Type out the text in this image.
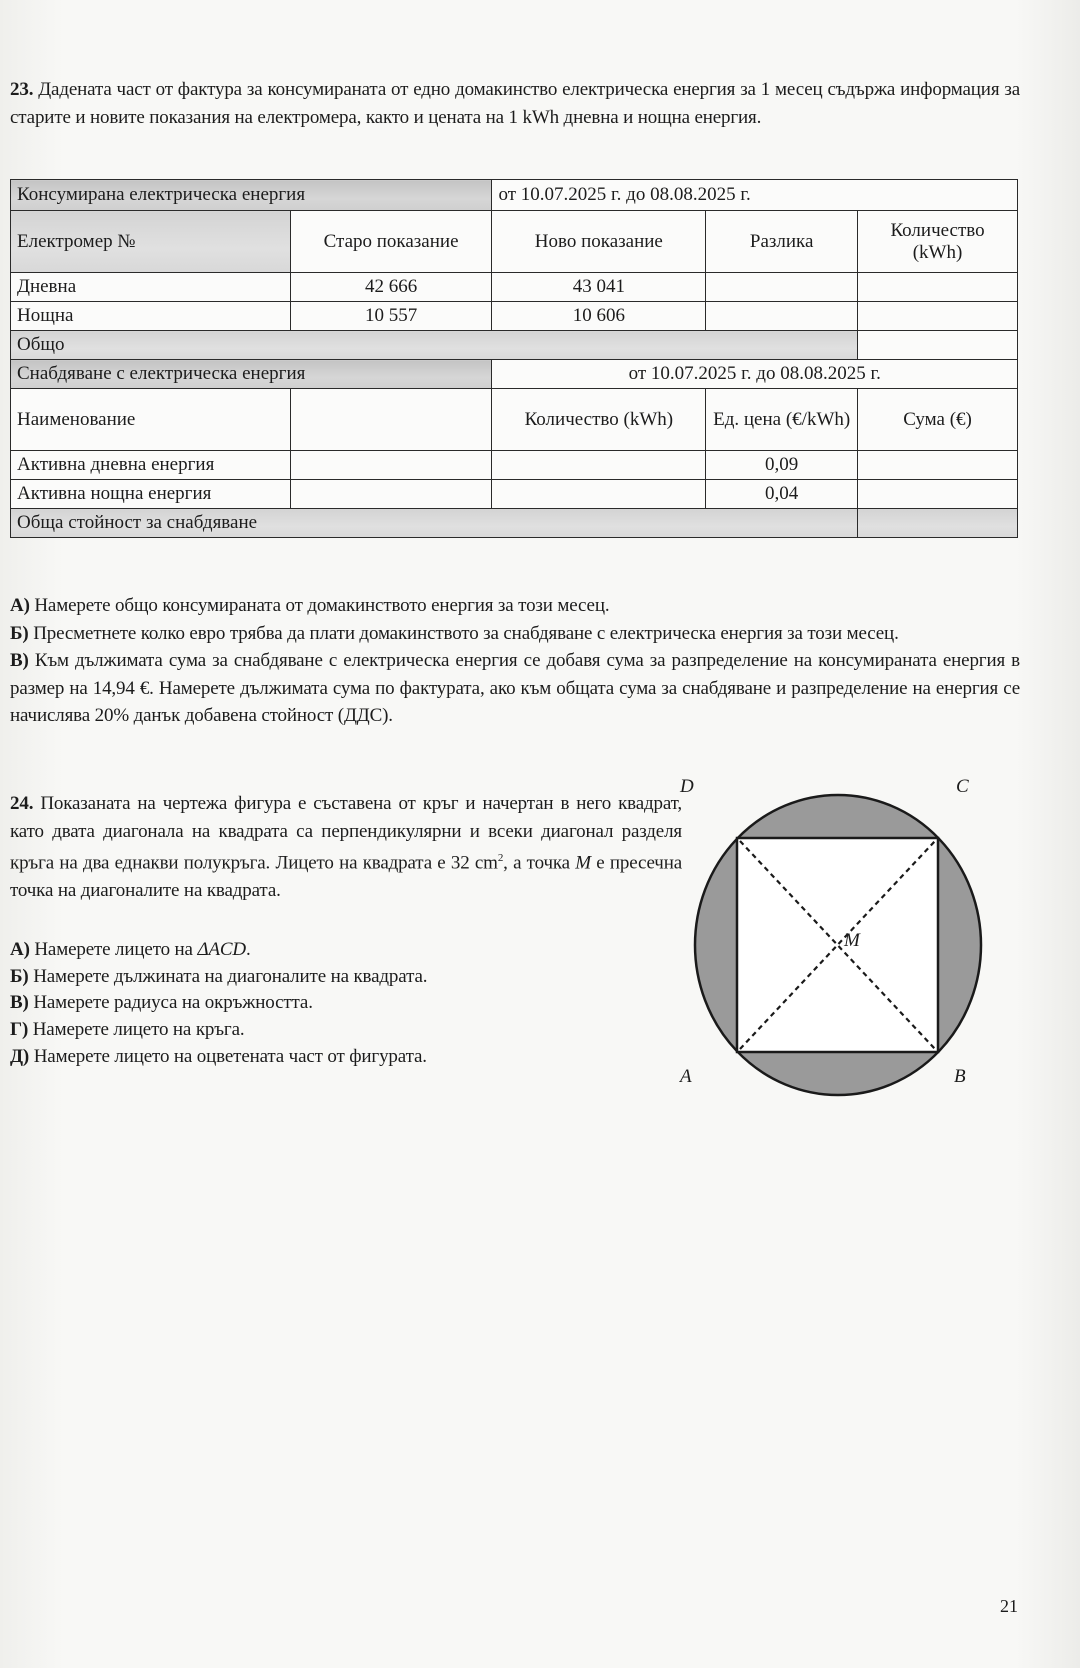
23. Дадената част от фактура за консумираната от едно домакинство електрическа енергия за 1 месец съдържа информация за старите и новите показания на електромера, както и цената на 1 kWh дневна и нощна енергия.
Консумирана електрическа енергия		от 10.07.2025 г. до 08.08.2025 г.		
Електромер №	Старо показание	Ново показание	Разлика	Количество (kWh)
Дневна	42 666	43 041		
Нощна	10 557	10 606		
Общо				
Снабдяване с електрическа енергия		от 10.07.2025 г. до 08.08.2025 г.		
Наименование		Количество (kWh)	Ед. цена (€/kWh)	Сума (€)
Активна дневна енергия			0,09	
Активна нощна енергия			0,04	
Обща стойност за снабдяване				
А) Намерете общо консумираната от домакинството енергия за този месец.
Б) Пресметнете колко евро трябва да плати домакинството за снабдяване с електрическа енергия за този месец.
В) Към дължимата сума за снабдяване с електрическа енергия се добавя сума за разпределение на консумираната енергия в размер на 14,94 €. Намерете дължимата сума по фактурата, ако към общата сума за снабдяване и разпределение на енергия се начислява 20% данък добавена стойност (ДДС).
24. Показаната на чертежа фигура е съставена от кръг и начертан в него квадрат, като двата диагонала на квадрата са перпендикулярни и всеки диагонал разделя кръга на два еднакви полукръга. Лицето на квадрата е 32 $cm^2$, а точка M е пресечна точка на диагоналите на квадрата.
А) Намерете лицето на ΔACD.
Б) Намерете дължината на диагоналите на квадрата.
В) Намерете радиуса на окръжността.
Г) Намерете лицето на кръга.
Д) Намерете лицето на оцветената част от фигурата.
D	C
A	B
M
21
